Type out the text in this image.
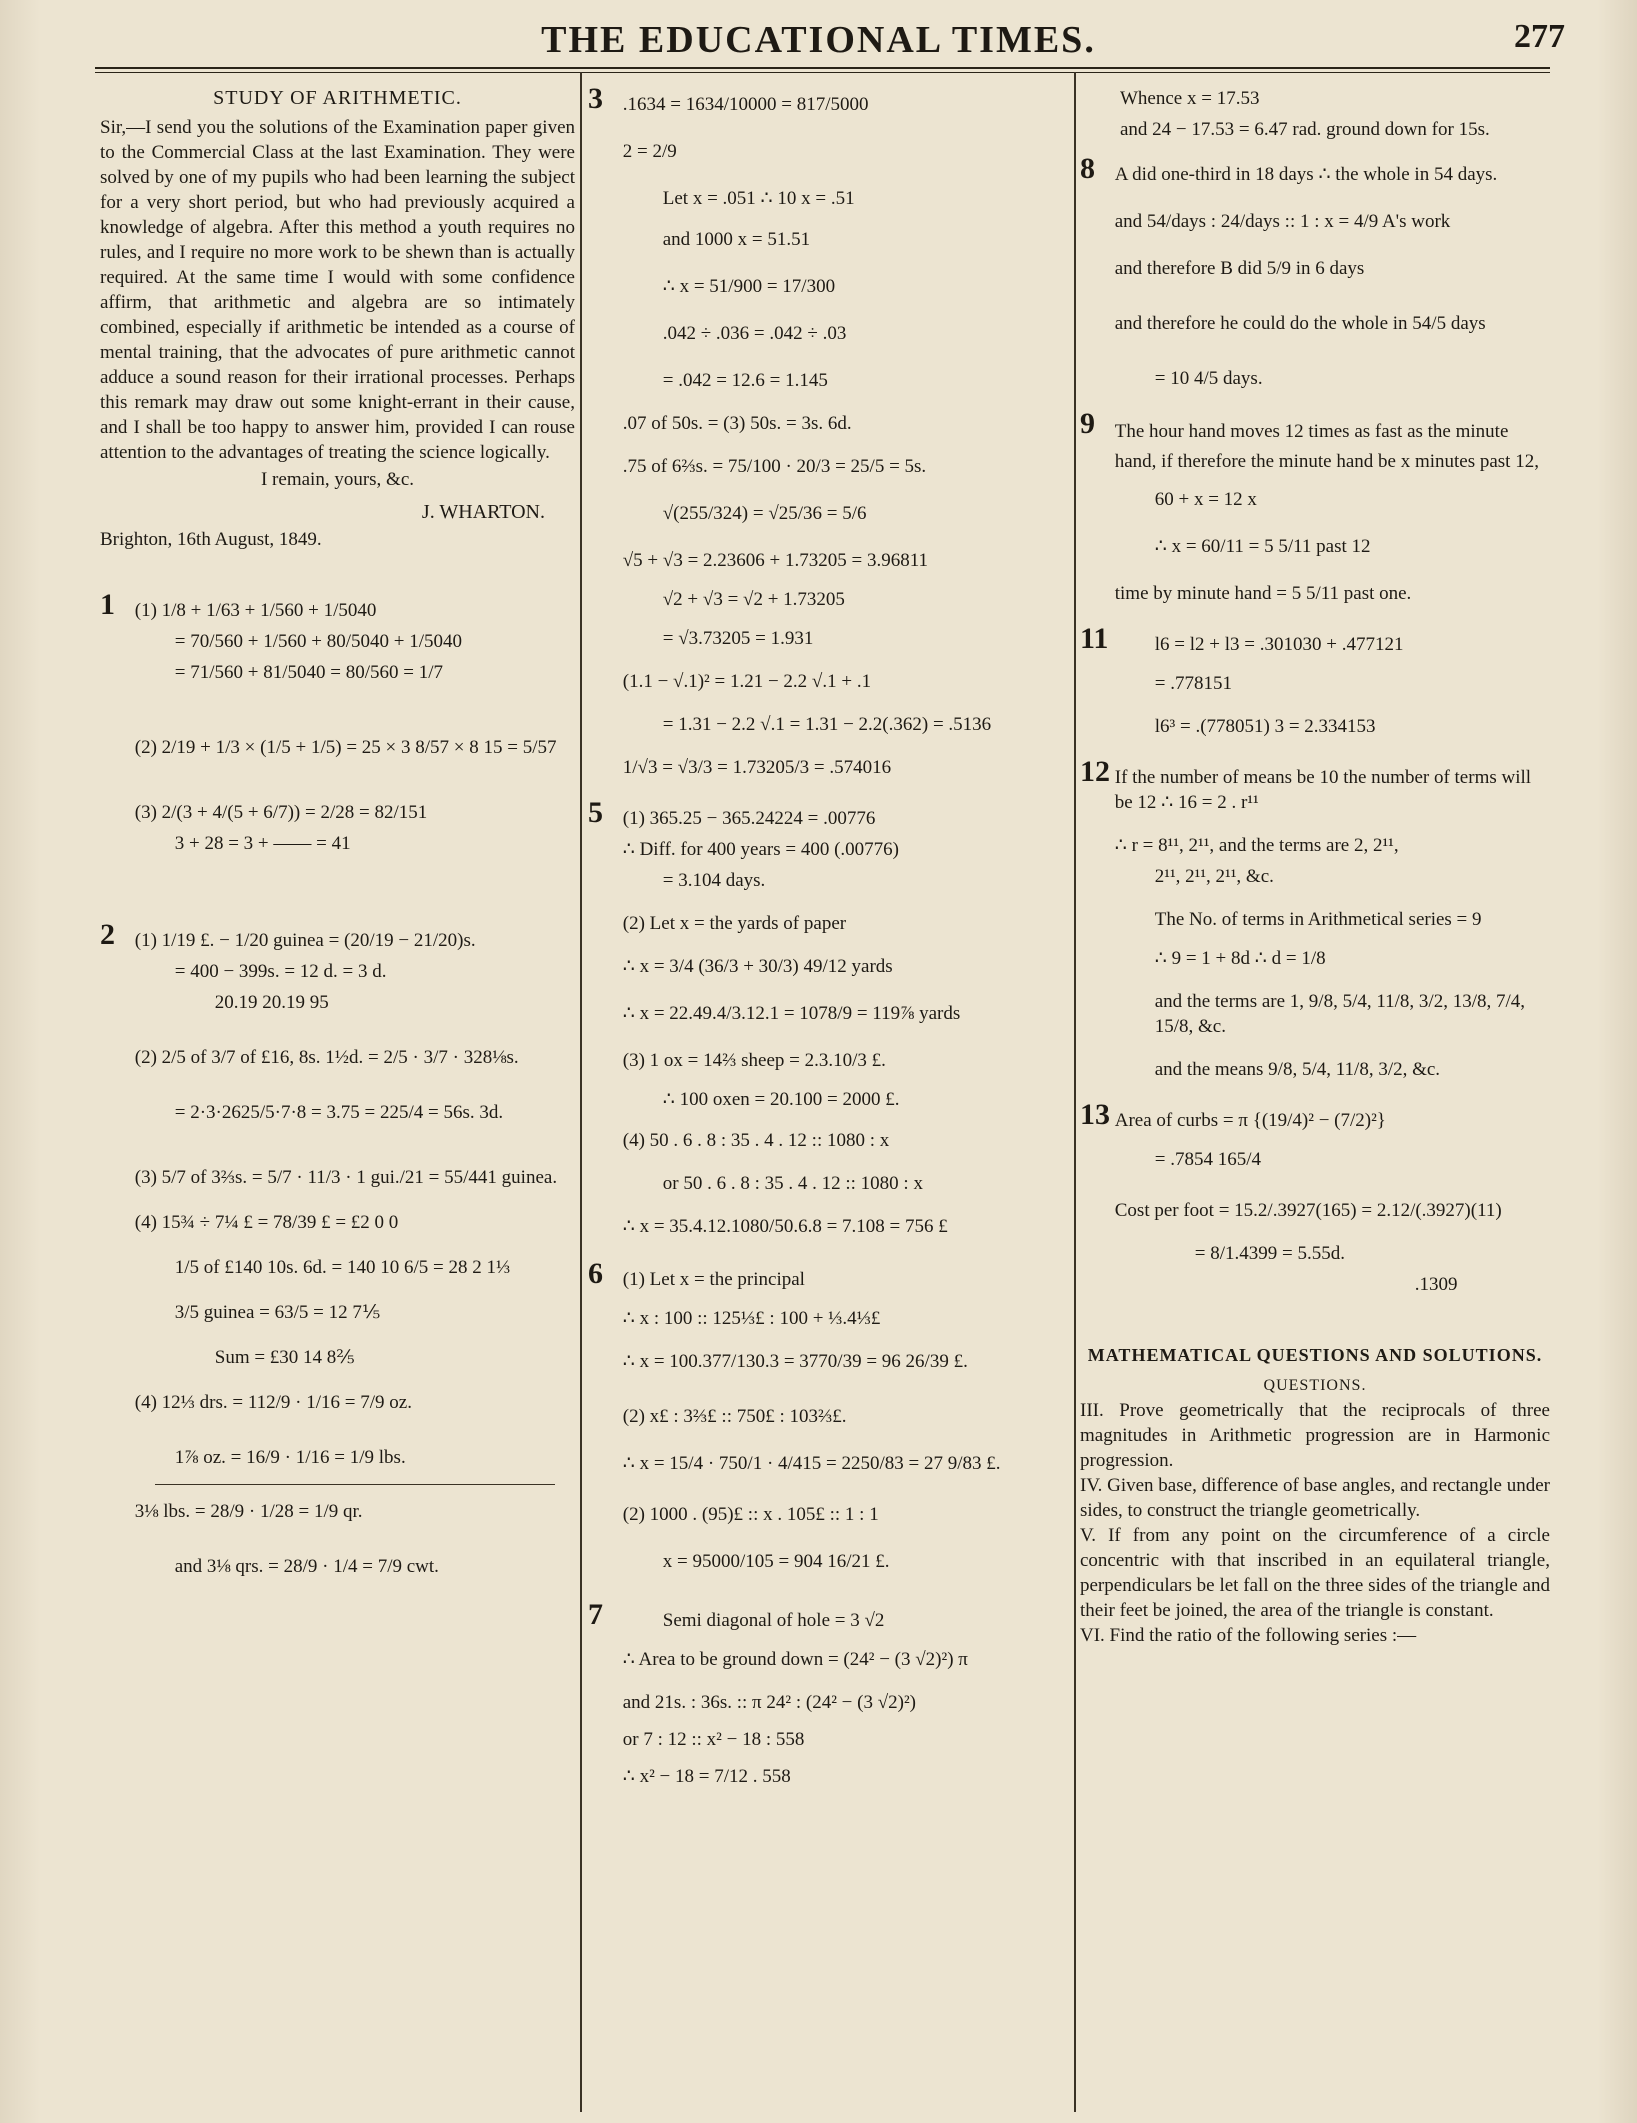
THE EDUCATIONAL TIMES.	277
STUDY OF ARITHMETIC.

Sir,—I send you the solutions of the Examination paper given to the Commercial Class at the last Examination. They were solved by one of my pupils who had been learning the subject for a very short period, but who had previously acquired a knowledge of algebra. After this method a youth requires no rules, and I require no more work to be shewn than is actually required. At the same time I would with some confidence affirm, that arithmetic and algebra are so intimately combined, especially if arithmetic be intended as a course of mental training, that the advocates of pure arithmetic cannot adduce a sound reason for their irrational processes. Perhaps this remark may draw out some knight-errant in their cause, and I shall be too happy to answer him, provided I can rouse attention to the advantages of treating the science logically.

I remain, yours, &c.
J. WHARTON.
Brighton, 16th August, 1849.
1 (1) 1/8 + 1/63 + 1/560 + 1/5040
= 70/560 + 1/560 + 80/5040 + 1/5040
= 71/560 + 81/5040 = 80/560 = 1/7
(2) 2/19 + 1/3 × (1/5 + 1/5) = 25 × 3 8/57 × 8 15 = 5/57
(3) 2/(3 + 4/(5 + 6/7)) = 2/28 = 82/151
3 + 28 = 3 + —— = 41
2 (1) 1/19 £. − 1/20 guinea = (20/19 − 21/20)s.
= 400 − 399s. = 12 d. = 3 d.
20.19 20.19 95
(2) 2/5 of 3/7 of £16, 8s. 1½d. = 2/5 · 3/7 · 328⅛s.
= 2·3·2625/5·7·8 = 3.75 = 225/4 = 56s. 3d.
(3) 5/7 of 3⅔s. = 5/7 · 11/3 · 1 gui./21 = 55/441 guinea.
(4) 15¾ ÷ 7¼ £ = 78/39 £ = £2 0 0
1/5 of £140 10s. 6d. = 140 10 6/5 = 28 2 1⅓
3/5 guinea = 63/5 = 12 7⅕
Sum = £30 14 8⅖
(4) 12⅓ drs. = 112/9 · 1/16 = 7/9 oz.
1⅞ oz. = 16/9 · 1/16 = 1/9 lbs.
3⅛ lbs. = 28/9 · 1/28 = 1/9 qr.
and 3⅛ qrs. = 28/9 · 1/4 = 7/9 cwt.
3 .1634 = 1634/10000 = 817/5000
2 = 2/9
Let x = .051 ∴ 10 x = .51
and 1000 x = 51.51
∴ x = 51/900 = 17/300
.042 ÷ .036 = .042 ÷ .03
= .042 = 12.6 = 1.145
.07 of 50s. = (3) 50s. = 3s. 6d.
.75 of 6⅔s. = 75/100 · 20/3 = 25/5 = 5s.
√(255/324) = √25/36 = 5/6
√5 + √3 = 2.23606 + 1.73205 = 3.96811
√2 + √3 = √2 + 1.73205
= √3.73205 = 1.931
(1.1 − √.1)² = 1.21 − 2.2 √.1 + .1
= 1.31 − 2.2 √.1 = 1.31 − 2.2(.362) = .5136
1/√3 = √3/3 = 1.73205/3 = .574016
5 (1) 365.25 − 365.24224 = .00776
∴ Diff. for 400 years = 400 (.00776)
= 3.104 days.
(2) Let x = the yards of paper
∴ x = 3/4 (36/3 + 30/3) 49/12 yards
∴ x = 22.49.4/3.12.1 = 1078/9 = 119⅞ yards
(3) 1 ox = 14⅔ sheep = 2.3.10/3 £.
∴ 100 oxen = 20.100 = 2000 £.
(4) 50 . 6 . 8 : 35 . 4 . 12 :: 1080 : x
or 50 . 6 . 8 : 35 . 4 . 12 :: 1080 : x
∴ x = 35.4.12.1080/50.6.8 = 7.108 = 756 £
6 (1) Let x = the principal
∴ x : 100 :: 125⅓£ : 100 + ⅓.4⅓£
∴ x = 100.377/130.3 = 3770/39 = 96 26/39 £.
(2) x£ : 3⅔£ :: 750£ : 103⅔£.
∴ x = 15/4 · 750/1 · 4/415 = 2250/83 = 27 9/83 £.
(2) 1000 . (95)£ :: x . 105£ :: 1 : 1
x = 95000/105 = 904 16/21 £.
7	Semi diagonal of hole = 3 √2
∴ Area to be ground down = (24² − (3 √2)²) π
and 21s. : 36s. :: π 24² : (24² − (3 √2)²)
or 7 : 12 :: x² − 18 : 558
∴ x² − 18 = 7/12 . 558
Whence x = 17.53
and 24 − 17.53 = 6.47 rad. ground down for 15s.
8 A did one-third in 18 days ∴ the whole in 54 days.
and 54/days : 24/days :: 1 : x = 4/9 A's work
and therefore B did 5/9 in 6 days
and therefore he could do the whole in 54/5 days
= 10 4/5 days.
9 The hour hand moves 12 times as fast as the minute hand, if therefore the minute hand be x minutes past 12,
60 + x = 12 x
∴ x = 60/11 = 5 5/11 past 12
time by minute hand = 5 5/11 past one.
11	l6 = l2 + l3 = .301030 + .477121
= .778151
l6³ = .(778051) 3 = 2.334153
12 If the number of means be 10 the number of terms will be 12 ∴ 16 = 2 . r¹¹
∴ r = 8¹¹, 2¹¹, and the terms are 2, 2¹¹,
2¹¹, 2¹¹, 2¹¹, &c.
The No. of terms in Arithmetical series = 9
∴ 9 = 1 + 8d ∴ d = 1/8
and the terms are 1, 9/8, 5/4, 11/8, 3/2, 13/8, 7/4, 15/8, &c.
and the means 9/8, 5/4, 11/8, 3/2, &c.
13 Area of curbs = π {(19/4)² − (7/2)²}
= .7854 165/4
Cost per foot = 15.2/.3927(165) = 2.12/(.3927)(11)
= 8/1.4399 = 5.55d.
.1309
MATHEMATICAL QUESTIONS AND SOLUTIONS.
QUESTIONS.

III. Prove geometrically that the reciprocals of three magnitudes in Arithmetic progression are in Harmonic progression.

IV. Given base, difference of base angles, and rectangle under sides, to construct the triangle geometrically.

V. If from any point on the circumference of a circle concentric with that inscribed in an equilateral triangle, perpendiculars be let fall on the three sides of the triangle and their feet be joined, the area of the triangle is constant.

VI. Find the ratio of the following series :—
